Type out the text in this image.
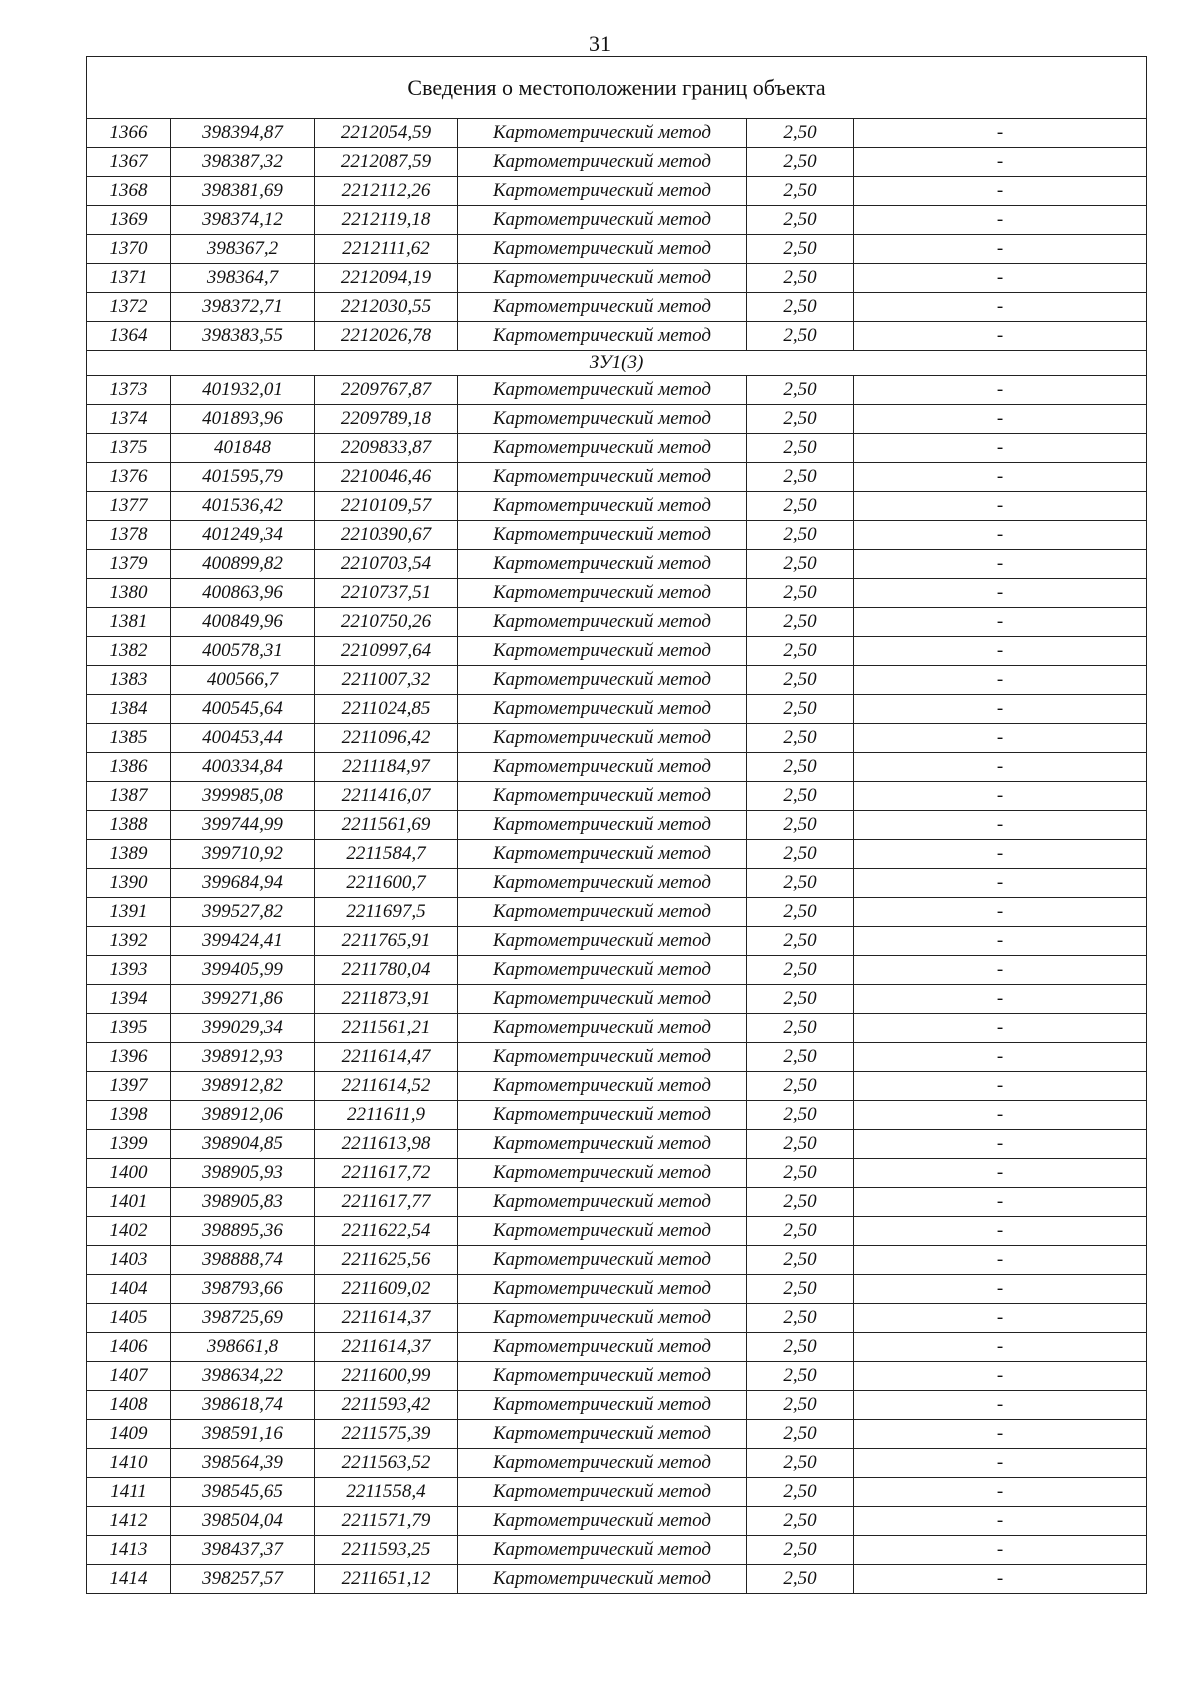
31
Сведения о местоположении границ объекта					
1366	398394,87	2212054,59	Картометрический метод	2,50	-
1367	398387,32	2212087,59	Картометрический метод	2,50	-
1368	398381,69	2212112,26	Картометрический метод	2,50	-
1369	398374,12	2212119,18	Картометрический метод	2,50	-
1370	398367,2	2212111,62	Картометрический метод	2,50	-
1371	398364,7	2212094,19	Картометрический метод	2,50	-
1372	398372,71	2212030,55	Картометрический метод	2,50	-
1364	398383,55	2212026,78	Картометрический метод	2,50	-
ЗУ1(3)					
1373	401932,01	2209767,87	Картометрический метод	2,50	-
1374	401893,96	2209789,18	Картометрический метод	2,50	-
1375	401848	2209833,87	Картометрический метод	2,50	-
1376	401595,79	2210046,46	Картометрический метод	2,50	-
1377	401536,42	2210109,57	Картометрический метод	2,50	-
1378	401249,34	2210390,67	Картометрический метод	2,50	-
1379	400899,82	2210703,54	Картометрический метод	2,50	-
1380	400863,96	2210737,51	Картометрический метод	2,50	-
1381	400849,96	2210750,26	Картометрический метод	2,50	-
1382	400578,31	2210997,64	Картометрический метод	2,50	-
1383	400566,7	2211007,32	Картометрический метод	2,50	-
1384	400545,64	2211024,85	Картометрический метод	2,50	-
1385	400453,44	2211096,42	Картометрический метод	2,50	-
1386	400334,84	2211184,97	Картометрический метод	2,50	-
1387	399985,08	2211416,07	Картометрический метод	2,50	-
1388	399744,99	2211561,69	Картометрический метод	2,50	-
1389	399710,92	2211584,7	Картометрический метод	2,50	-
1390	399684,94	2211600,7	Картометрический метод	2,50	-
1391	399527,82	2211697,5	Картометрический метод	2,50	-
1392	399424,41	2211765,91	Картометрический метод	2,50	-
1393	399405,99	2211780,04	Картометрический метод	2,50	-
1394	399271,86	2211873,91	Картометрический метод	2,50	-
1395	399029,34	2211561,21	Картометрический метод	2,50	-
1396	398912,93	2211614,47	Картометрический метод	2,50	-
1397	398912,82	2211614,52	Картометрический метод	2,50	-
1398	398912,06	2211611,9	Картометрический метод	2,50	-
1399	398904,85	2211613,98	Картометрический метод	2,50	-
1400	398905,93	2211617,72	Картометрический метод	2,50	-
1401	398905,83	2211617,77	Картометрический метод	2,50	-
1402	398895,36	2211622,54	Картометрический метод	2,50	-
1403	398888,74	2211625,56	Картометрический метод	2,50	-
1404	398793,66	2211609,02	Картометрический метод	2,50	-
1405	398725,69	2211614,37	Картометрический метод	2,50	-
1406	398661,8	2211614,37	Картометрический метод	2,50	-
1407	398634,22	2211600,99	Картометрический метод	2,50	-
1408	398618,74	2211593,42	Картометрический метод	2,50	-
1409	398591,16	2211575,39	Картометрический метод	2,50	-
1410	398564,39	2211563,52	Картометрический метод	2,50	-
1411	398545,65	2211558,4	Картометрический метод	2,50	-
1412	398504,04	2211571,79	Картометрический метод	2,50	-
1413	398437,37	2211593,25	Картометрический метод	2,50	-
1414	398257,57	2211651,12	Картометрический метод	2,50	-
